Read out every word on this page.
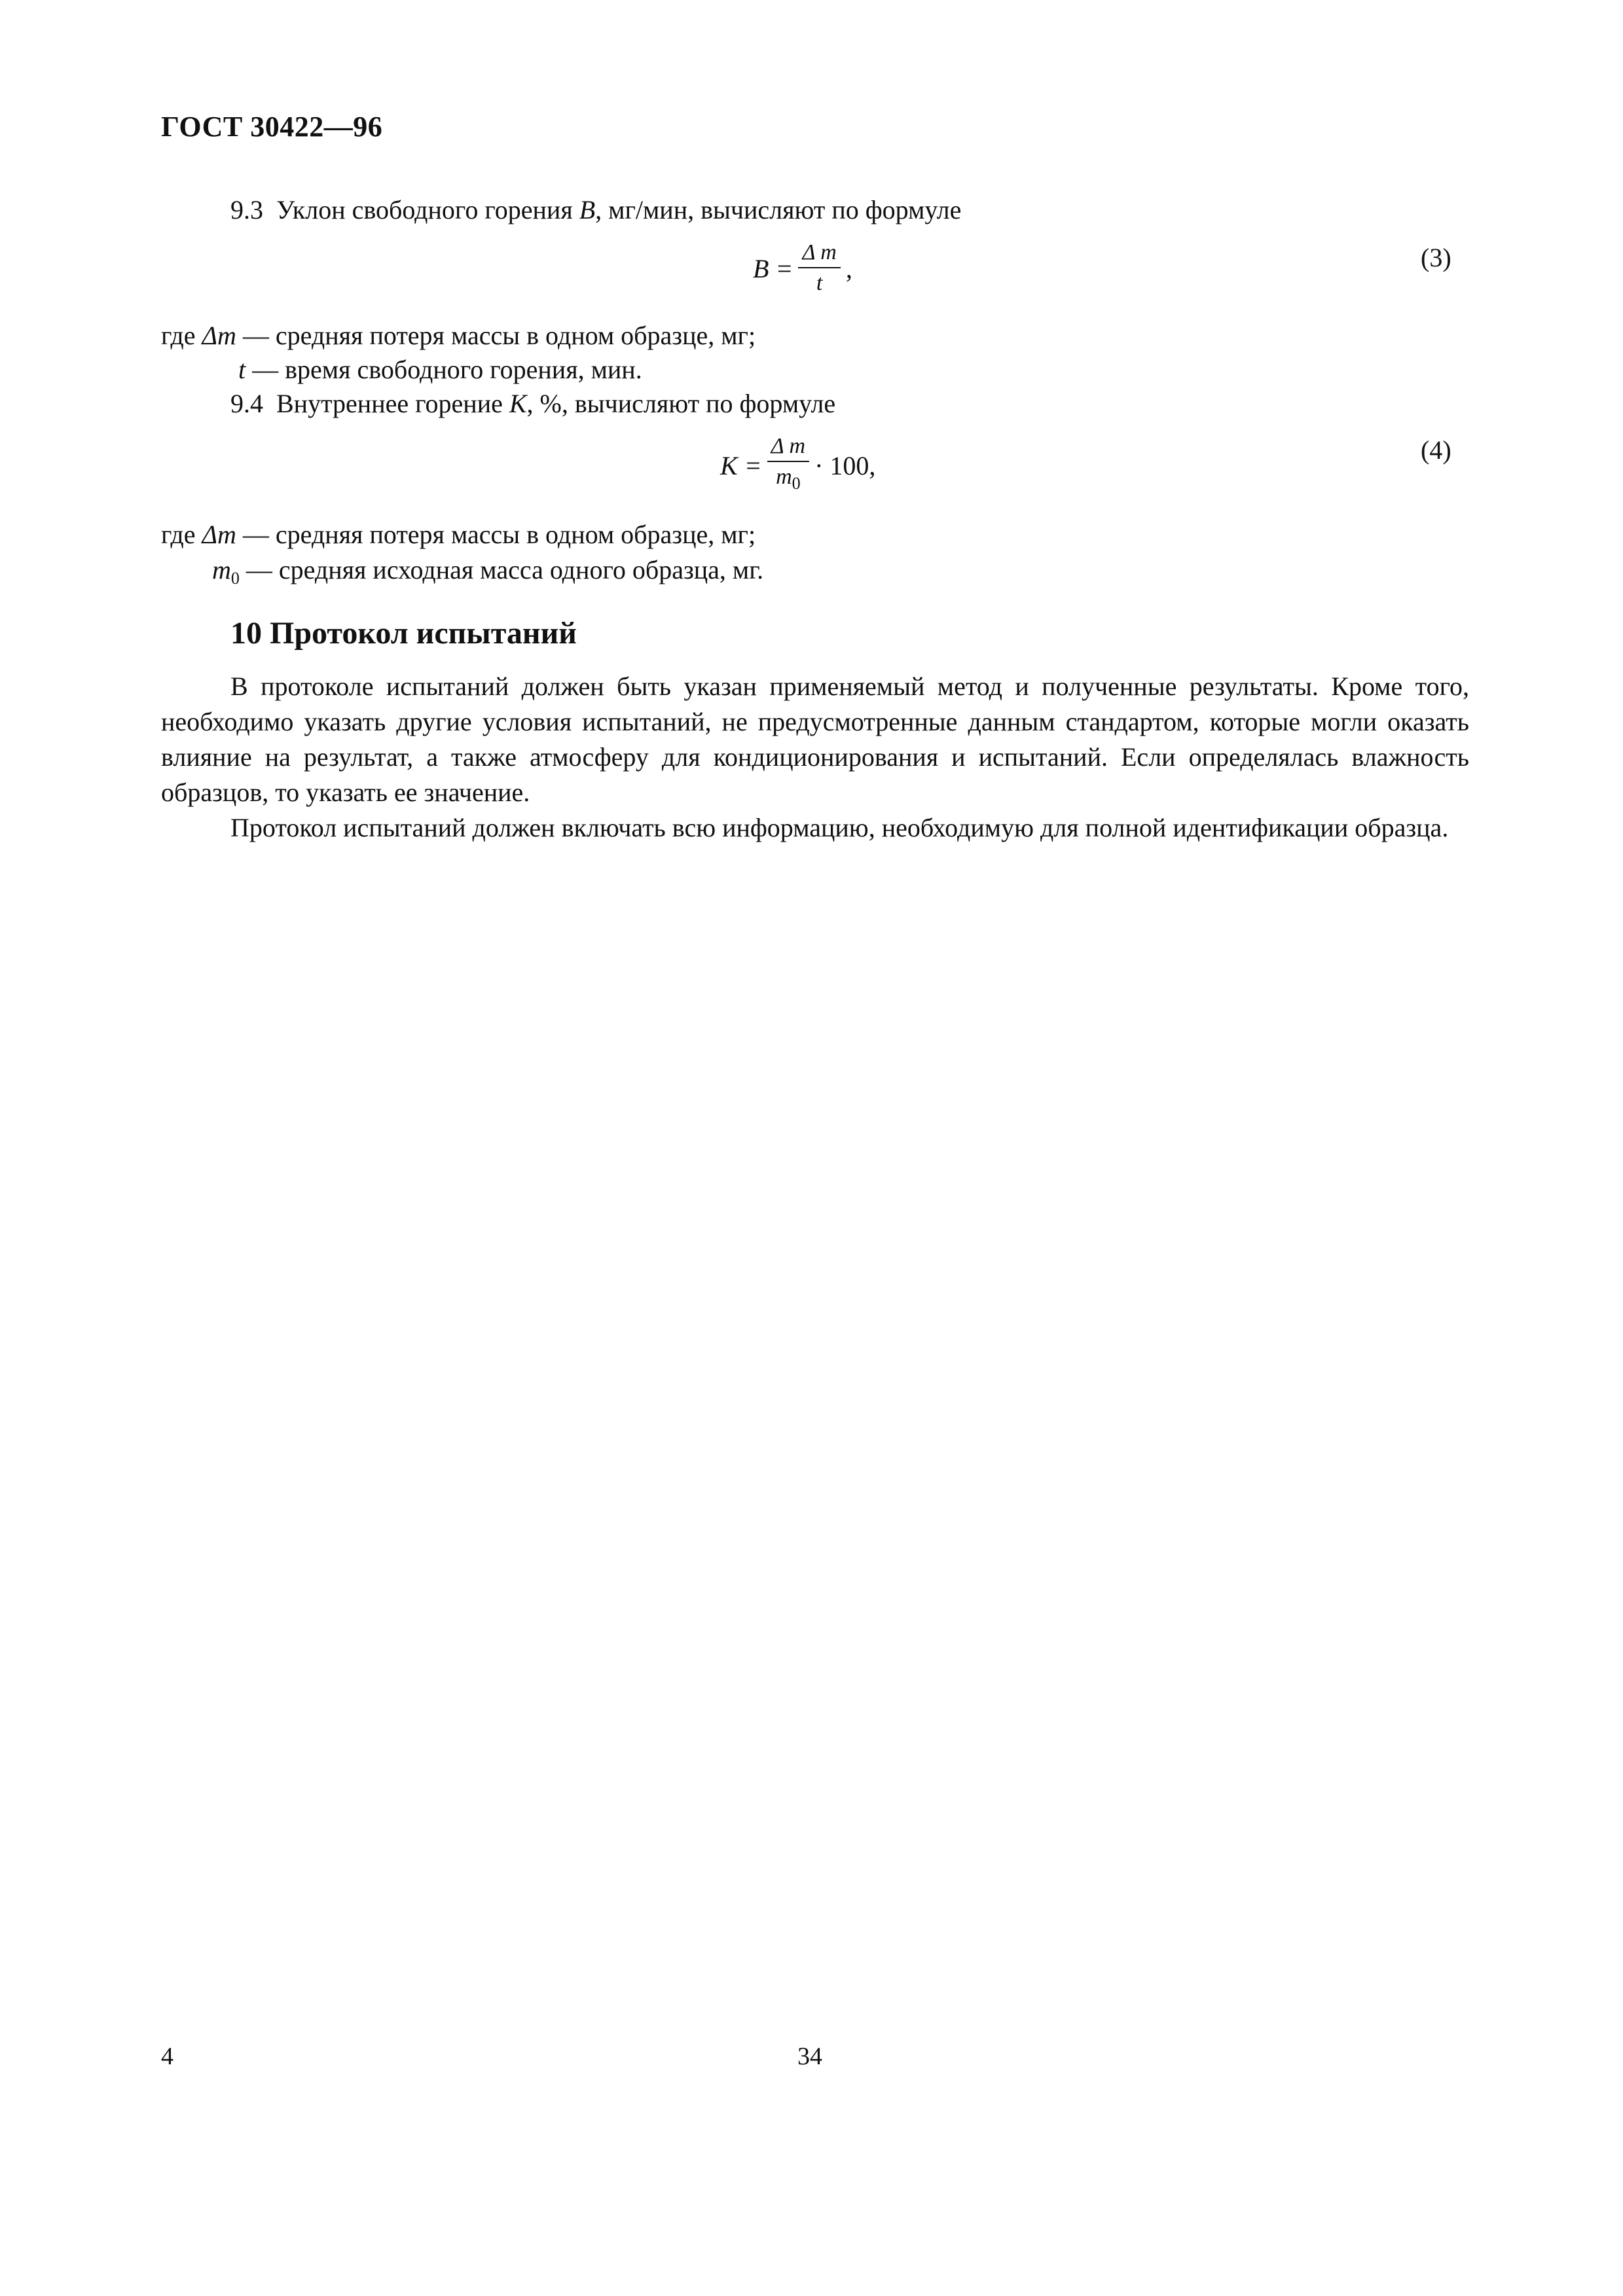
ГОСТ 30422—96
9.3 Уклон свободного горения B, мг/мин, вычисляют по формуле
$B = \frac{\text{Δ m}}{t}$ ,	(3)
где Δm — средняя потеря массы в одном образце, мг;
t — время свободного горения, мин.
9.4 Внутреннее горение K, %, вычисляют по формуле
$K = \frac{\text{Δ m}}{m_0} \cdot 100$,
(4)
где Δm — средняя потеря массы в одном образце, мг;
$m_0$ — средняя исходная масса одного образца, мг.
10 Протокол испытаний
В протоколе испытаний должен быть указан применяемый метод и полученные результаты. Кроме того, необходимо указать другие условия испытаний, не предусмотренные данным стандартом, которые могли оказать влияние на результат, а также атмосферу для кондиционирования и испытаний. Если определялась влажность образцов, то указать ее значение.
Протокол испытаний должен включать всю информацию, необходимую для полной идентификации образца.
4	34
